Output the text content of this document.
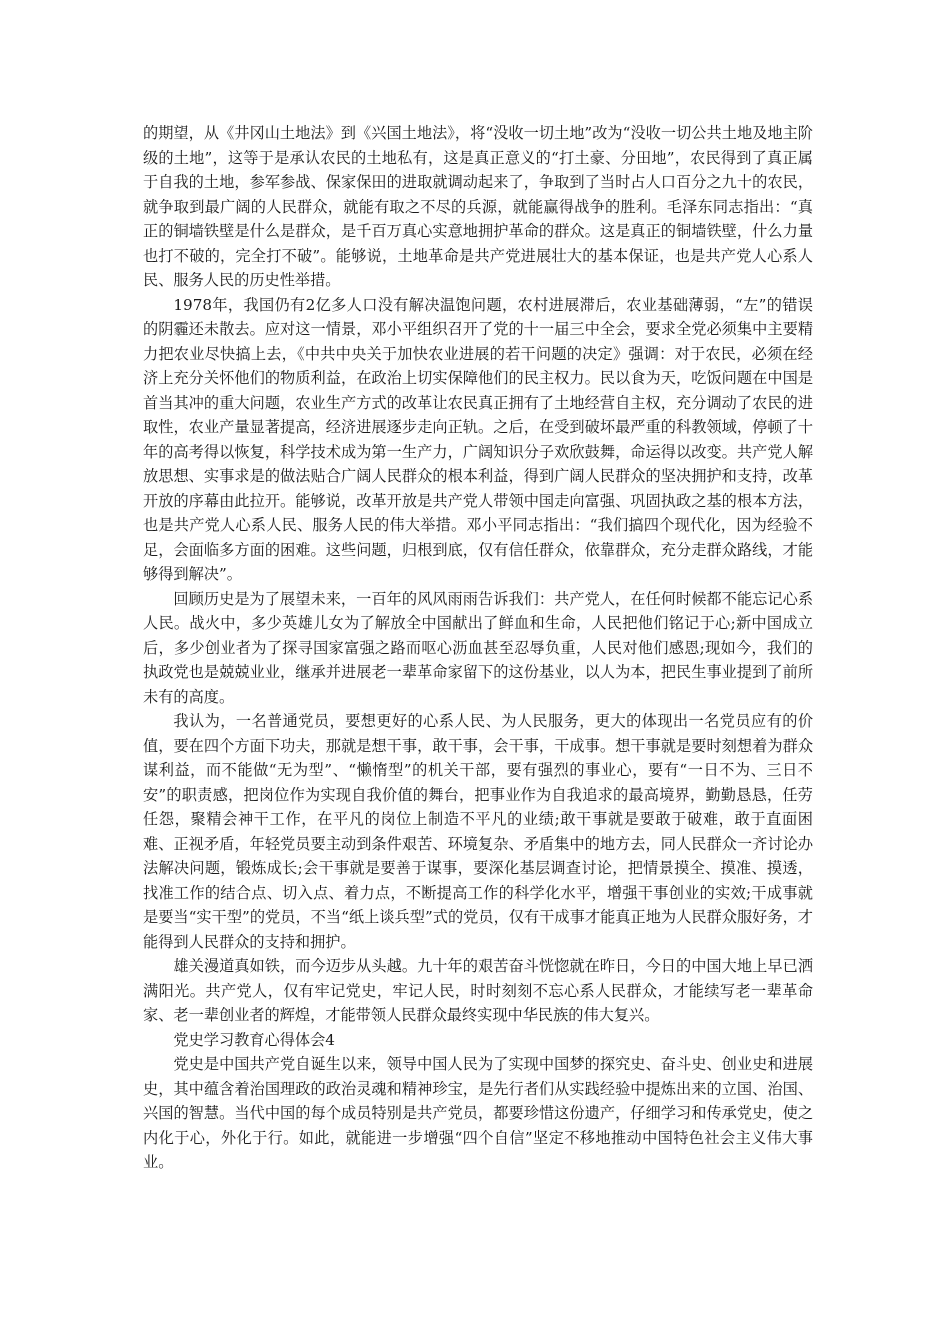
的期望，从《井冈山土地法》到《兴国土地法》，将“没收一切土地”改为“没收一切公共土地及地主阶级的土地”，这等于是承认农民的土地私有，这是真正意义的“打土豪、分田地”，农民得到了真正属于自我的土地，参军参战、保家保田的进取就调动起来了，争取到了当时占人口百分之九十的农民，就争取到最广阔的人民群众，就能有取之不尽的兵源，就能赢得战争的胜利。毛泽东同志指出：“真正的铜墙铁壁是什么是群众，是千百万真心实意地拥护革命的群众。这是真正的铜墙铁壁，什么力量也打不破的，完全打不破”。能够说，土地革命是共产党进展壮大的基本保证，也是共产党人心系人民、服务人民的历史性举措。

1978年，我国仍有2亿多人口没有解决温饱问题，农村进展滞后，农业基础薄弱，“左”的错误的阴霾还未散去。应对这一情景，邓小平组织召开了党的十一届三中全会，要求全党必须集中主要精力把农业尽快搞上去，《中共中央关于加快农业进展的若干问题的决定》强调：对于农民，必须在经济上充分关怀他们的物质利益，在政治上切实保障他们的民主权力。民以食为天，吃饭问题在中国是首当其冲的重大问题，农业生产方式的改革让农民真正拥有了土地经营自主权，充分调动了农民的进取性，农业产量显著提高，经济进展逐步走向正轨。之后，在受到破坏最严重的科教领域，停顿了十年的高考得以恢复，科学技术成为第一生产力，广阔知识分子欢欣鼓舞，命运得以改变。共产党人解放思想、实事求是的做法贴合广阔人民群众的根本利益，得到广阔人民群众的坚决拥护和支持，改革开放的序幕由此拉开。能够说，改革开放是共产党人带领中国走向富强、巩固执政之基的根本方法，也是共产党人心系人民、服务人民的伟大举措。邓小平同志指出：“我们搞四个现代化，因为经验不足，会面临多方面的困难。这些问题，归根到底，仅有信任群众，依靠群众，充分走群众路线，才能够得到解决”。

回顾历史是为了展望未来，一百年的风风雨雨告诉我们：共产党人，在任何时候都不能忘记心系人民。战火中，多少英雄儿女为了解放全中国献出了鲜血和生命，人民把他们铭记于心;新中国成立后，多少创业者为了探寻国家富强之路而呕心沥血甚至忍辱负重，人民对他们感恩;现如今，我们的执政党也是兢兢业业，继承并进展老一辈革命家留下的这份基业，以人为本，把民生事业提到了前所未有的高度。

我认为，一名普通党员，要想更好的心系人民、为人民服务，更大的体现出一名党员应有的价值，要在四个方面下功夫，那就是想干事，敢干事，会干事，干成事。想干事就是要时刻想着为群众谋利益，而不能做“无为型”、“懒惰型”的机关干部，要有强烈的事业心，要有“一日不为、三日不安”的职责感，把岗位作为实现自我价值的舞台，把事业作为自我追求的最高境界，勤勤恳恳，任劳任怨，聚精会神干工作，在平凡的岗位上制造不平凡的业绩;敢干事就是要敢于破难，敢于直面困难、正视矛盾，年轻党员要主动到条件艰苦、环境复杂、矛盾集中的地方去，同人民群众一齐讨论办法解决问题，锻炼成长;会干事就是要善于谋事，要深化基层调查讨论，把情景摸全、摸准、摸透，找准工作的结合点、切入点、着力点，不断提高工作的科学化水平，增强干事创业的实效;干成事就是要当“实干型”的党员，不当“纸上谈兵型”式的党员，仅有干成事才能真正地为人民群众服好务，才能得到人民群众的支持和拥护。

雄关漫道真如铁，而今迈步从头越。九十年的艰苦奋斗恍惚就在昨日，今日的中国大地上早已洒满阳光。共产党人，仅有牢记党史，牢记人民，时时刻刻不忘心系人民群众，才能续写老一辈革命家、老一辈创业者的辉煌，才能带领人民群众最终实现中华民族的伟大复兴。

党史学习教育心得体会4

党史是中国共产党自诞生以来，领导中国人民为了实现中国梦的探究史、奋斗史、创业史和进展史，其中蕴含着治国理政的政治灵魂和精神珍宝，是先行者们从实践经验中提炼出来的立国、治国、兴国的智慧。当代中国的每个成员特别是共产党员，都要珍惜这份遗产，仔细学习和传承党史，使之内化于心，外化于行。如此，就能进一步增强“四个自信”坚定不移地推动中国特色社会主义伟大事业。
